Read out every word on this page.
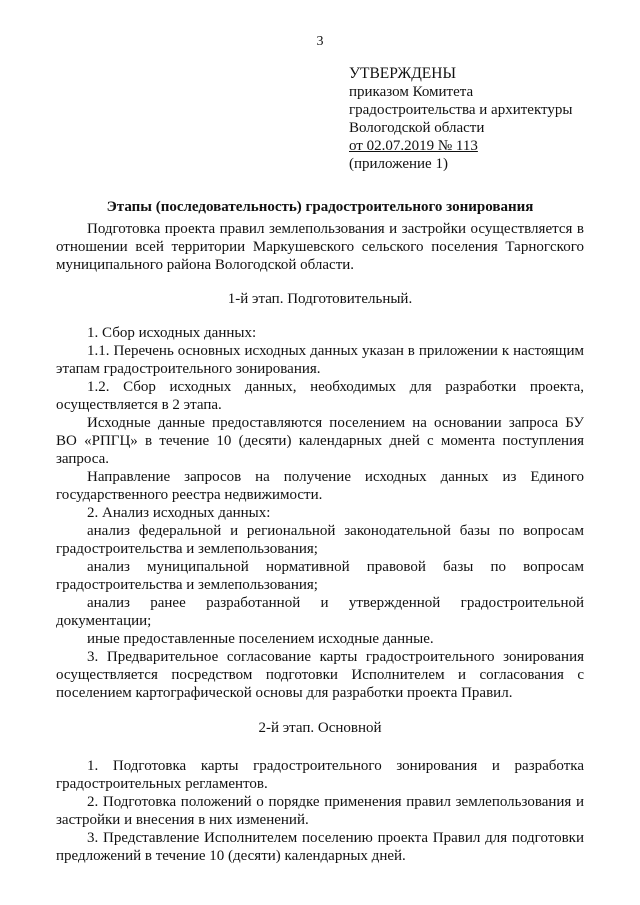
3
УТВЕРЖДЕНЫ
приказом Комитета
градостроительства и архитектуры
Вологодской области
от 02.07.2019 № 113
(приложение 1)

Этапы (последовательность) градостроительного зонирования

Подготовка проекта правил землепользования и застройки осуществляется в отношении всей территории Маркушевского сельского поселения Тарногского муниципального района Вологодской области.

1-й этап. Подготовительный.

1. Сбор исходных данных:

1.1. Перечень основных исходных данных указан в приложении к настоящим этапам градостроительного зонирования.

1.2. Сбор исходных данных, необходимых для разработки проекта, осуществляется в 2 этапа.

Исходные данные предоставляются поселением на основании запроса БУ ВО «РПГЦ» в течение 10 (десяти) календарных дней с момента поступления запроса.

Направление запросов на получение исходных данных из Единого государственного реестра недвижимости.

2. Анализ исходных данных:

анализ федеральной и региональной законодательной базы по вопросам градостроительства и землепользования;

анализ муниципальной нормативной правовой базы по вопросам градостроительства и землепользования;

анализ ранее разработанной и утвержденной градостроительной документации;

иные предоставленные поселением исходные данные.

3. Предварительное согласование карты градостроительного зонирования осуществляется посредством подготовки Исполнителем и согласования с поселением картографической основы для разработки проекта Правил.

2-й этап. Основной

1. Подготовка карты градостроительного зонирования и разработка градостроительных регламентов.

2. Подготовка положений о порядке применения правил землепользования и застройки и внесения в них изменений.

3. Представление Исполнителем поселению проекта Правил для подготовки предложений в течение 10 (десяти) календарных дней.
